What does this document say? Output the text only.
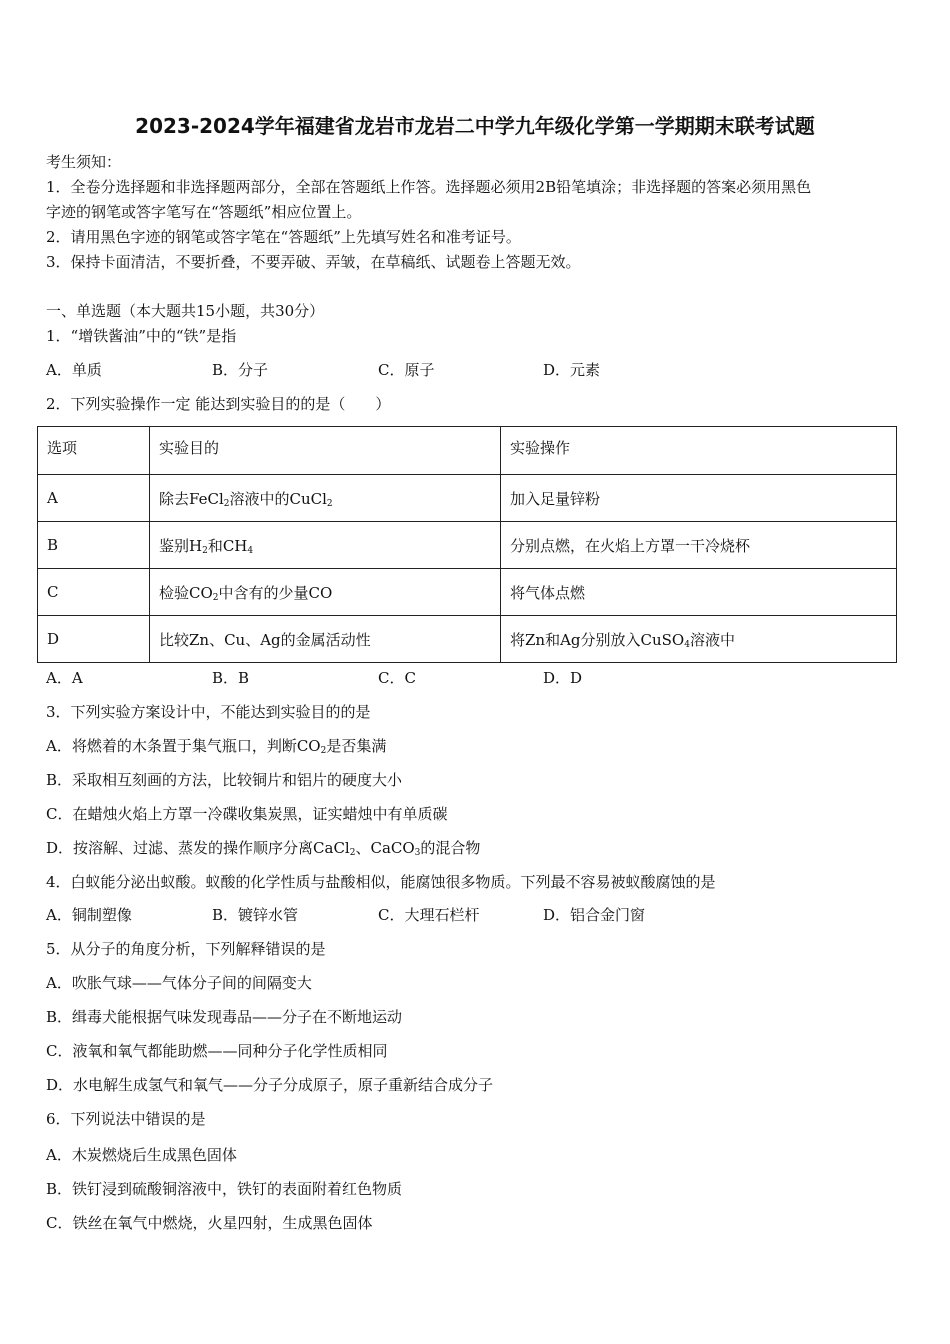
2023-2024学年福建省龙岩市龙岩二中学九年级化学第一学期期末联考试题
考生须知：
1．全卷分选择题和非选择题两部分，全部在答题纸上作答。选择题必须用2B铅笔填涂；非选择题的答案必须用黑色
字迹的钢笔或答字笔写在“答题纸”相应位置上。
2．请用黑色字迹的钢笔或答字笔在“答题纸”上先填写姓名和准考证号。
3．保持卡面清洁，不要折叠，不要弄破、弄皱，在草稿纸、试题卷上答题无效。
一、单选题（本大题共15小题，共30分）
1．“增铁酱油”中的“铁”是指
A．单质	B．分子	C．原子	D．元素
2．下列实验操作一定 能达到实验目的的是（　　）
选项	实验目的	实验操作
A	除去FeCl$_2$溶液中的CuCl$_2$	加入足量锌粉
B	鉴别$H_2$和$CH_4$	分别点燃，在火焰上方罩一干冷烧杯
C	检验$CO_2$中含有的少量CO	将气体点燃
D	比较Zn、Cu、Ag的金属活动性	将Zn和Ag分别放入CuSO$_4$溶液中
A．A	B．B	C．C	D．D
3．下列实验方案设计中，不能达到实验目的的是
A．将燃着的木条置于集气瓶口，判断$CO_2$是否集满
B．采取相互刻画的方法，比较铜片和铝片的硬度大小
C．在蜡烛火焰上方罩一冷碟收集炭黑，证实蜡烛中有单质碳
D．按溶解、过滤、蒸发的操作顺序分离CaCl$_2$、CaCO$_3$的混合物
4．白蚁能分泌出蚁酸。蚁酸的化学性质与盐酸相似，能腐蚀很多物质。下列最不容易被蚁酸腐蚀的是
A．铜制塑像	B．镀锌水管	C．大理石栏杆	D．铝合金门窗
5．从分子的角度分析，下列解释错误的是
A．吹胀气球——气体分子间的间隔变大
B．缉毒犬能根据气味发现毒品——分子在不断地运动
C．液氧和氧气都能助燃——同种分子化学性质相同
D．水电解生成氢气和氧气——分子分成原子，原子重新结合成分子
6．下列说法中错误的是
A．木炭燃烧后生成黑色固体
B．铁钉浸到硫酸铜溶液中，铁钉的表面附着红色物质
C．铁丝在氧气中燃烧，火星四射，生成黑色固体
